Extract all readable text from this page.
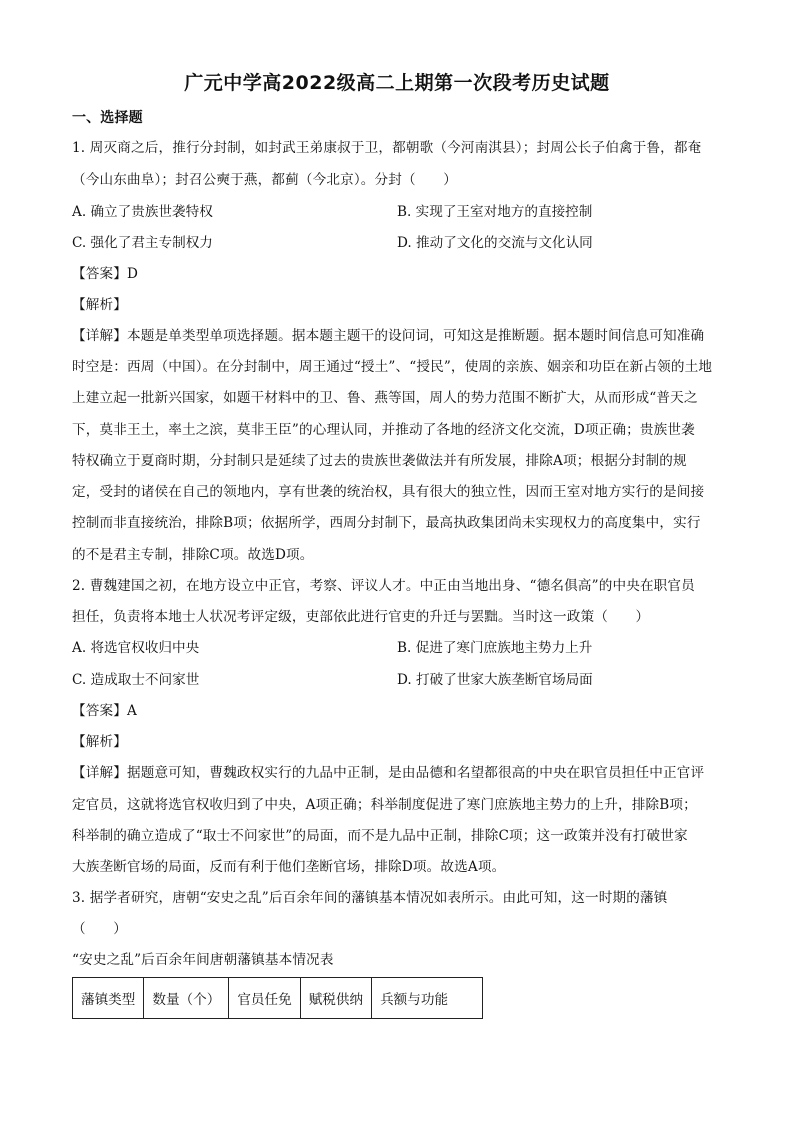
广元中学高2022级高二上期第一次段考历史试题
一、选择题
1. 周灭商之后，推行分封制，如封武王弟康叔于卫，都朝歌（今河南淇县）；封周公长子伯禽于鲁，都奄
（今山东曲阜）；封召公奭于燕，都蓟（今北京）。分封（　　）
A. 确立了贵族世袭特权	B. 实现了王室对地方的直接控制
C. 强化了君主专制权力	D. 推动了文化的交流与文化认同
【答案】D
【解析】
【详解】本题是单类型单项选择题。据本题主题干的设问词，可知这是推断题。据本题时间信息可知准确
时空是：西周（中国）。在分封制中，周王通过“授土”、“授民”，使周的亲族、姻亲和功臣在新占领的土地
上建立起一批新兴国家，如题干材料中的卫、鲁、燕等国，周人的势力范围不断扩大，从而形成“普天之
下，莫非王土，率土之滨，莫非王臣”的心理认同，并推动了各地的经济文化交流，D项正确；贵族世袭
特权确立于夏商时期，分封制只是延续了过去的贵族世袭做法并有所发展，排除A项；根据分封制的规
定，受封的诸侯在自己的领地内，享有世袭的统治权，具有很大的独立性，因而王室对地方实行的是间接
控制而非直接统治，排除B项；依据所学，西周分封制下，最高执政集团尚未实现权力的高度集中，实行
的不是君主专制，排除C项。故选D项。
2. 曹魏建国之初，在地方设立中正官，考察、评议人才。中正由当地出身、“德名俱高”的中央在职官员
担任，负责将本地士人状况考评定级，吏部依此进行官吏的升迁与罢黜。当时这一政策（　　）
A. 将选官权收归中央	B. 促进了寒门庶族地主势力上升
C. 造成取士不问家世	D. 打破了世家大族垄断官场局面
【答案】A
【解析】
【详解】据题意可知，曹魏政权实行的九品中正制，是由品德和名望都很高的中央在职官员担任中正官评
定官员，这就将选官权收归到了中央，A项正确；科举制度促进了寒门庶族地主势力的上升，排除B项；
科举制的确立造成了“取士不问家世”的局面，而不是九品中正制，排除C项；这一政策并没有打破世家
大族垄断官场的局面，反而有利于他们垄断官场，排除D项。故选A项。
3. 据学者研究，唐朝“安史之乱”后百余年间的藩镇基本情况如表所示。由此可知，这一时期的藩镇
（　　）
“安史之乱”后百余年间唐朝藩镇基本情况表
藩镇类型	数量（个）	官员任免	赋税供纳	兵额与功能
